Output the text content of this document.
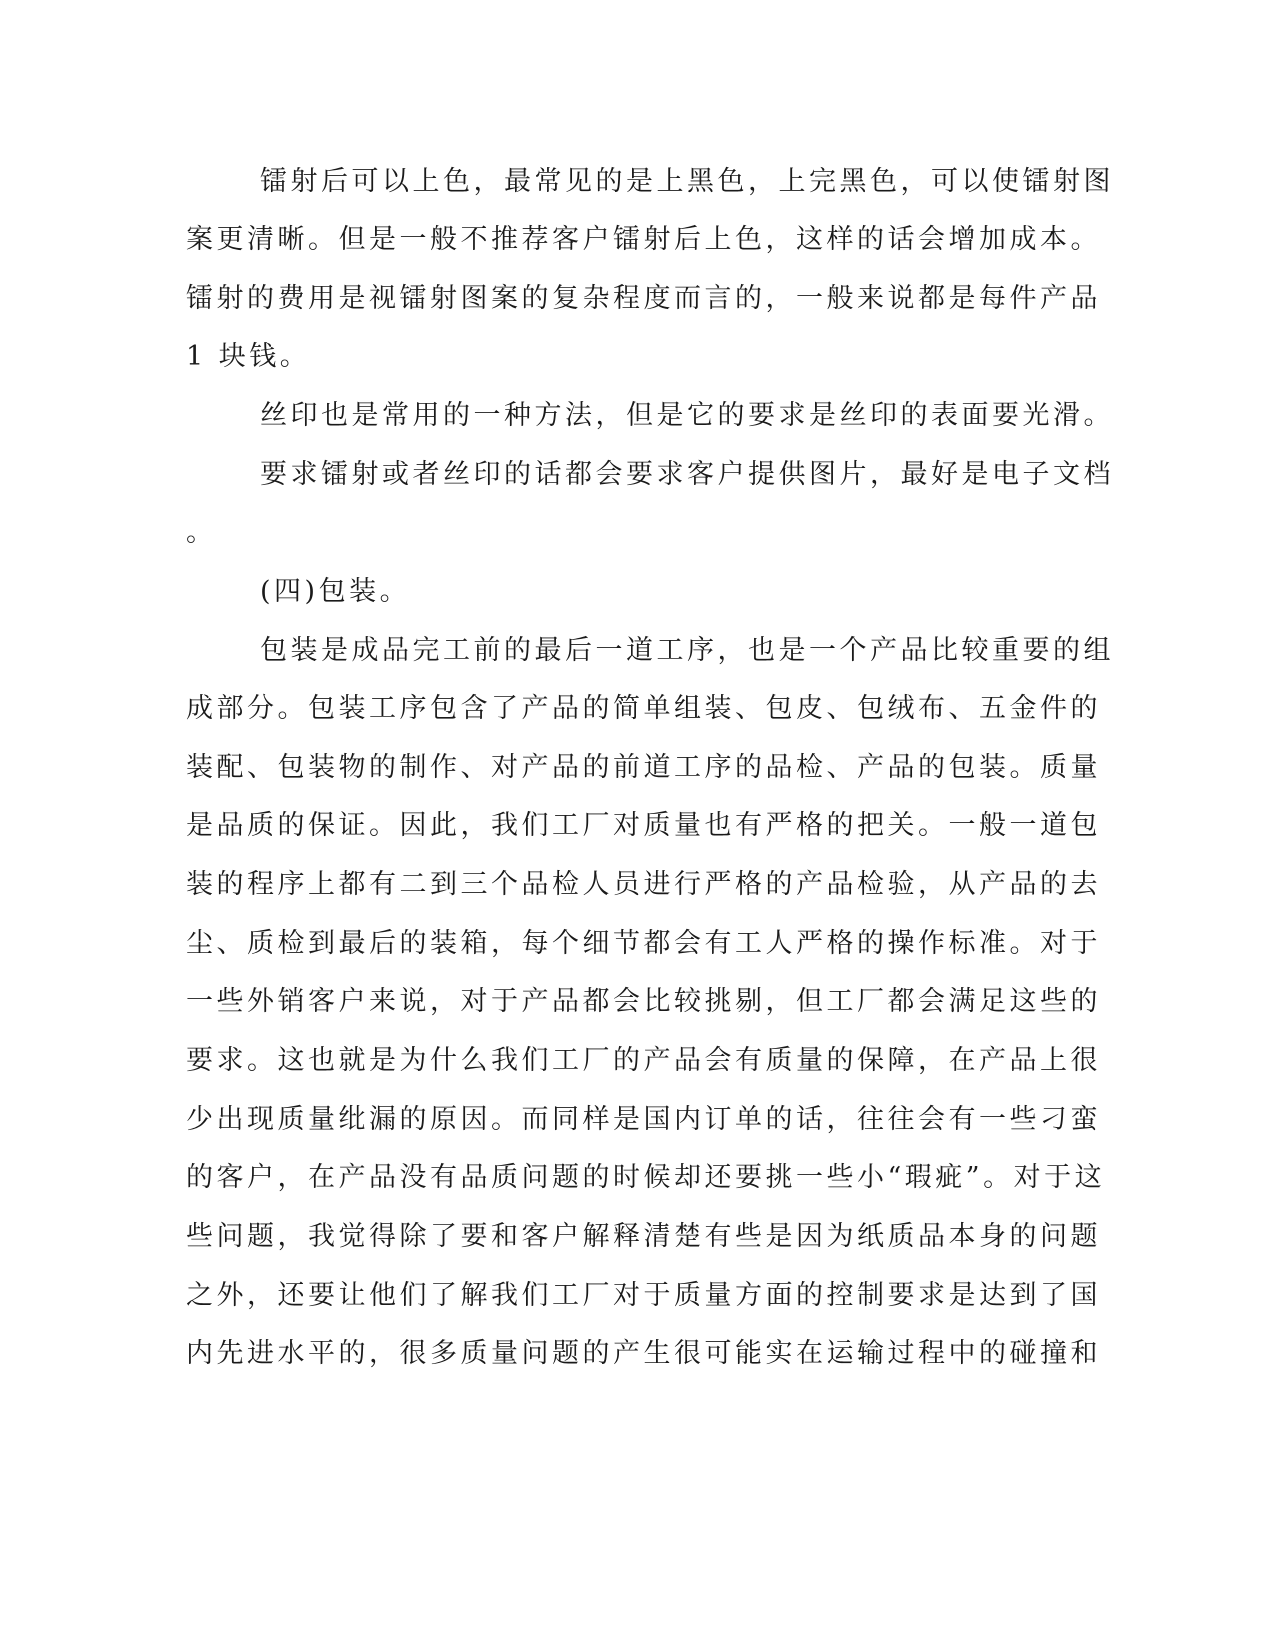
镭射后可以上色，最常见的是上黑色，上完黑色，可以使镭射图
案更清晰。但是一般不推荐客户镭射后上色，这样的话会增加成本。
镭射的费用是视镭射图案的复杂程度而言的，一般来说都是每件产品
1 块钱。
丝印也是常用的一种方法，但是它的要求是丝印的表面要光滑。
要求镭射或者丝印的话都会要求客户提供图片，最好是电子文档
。
(四)包装。
包装是成品完工前的最后一道工序，也是一个产品比较重要的组
成部分。包装工序包含了产品的简单组装、包皮、包绒布、五金件的
装配、包装物的制作、对产品的前道工序的品检、产品的包装。质量
是品质的保证。因此，我们工厂对质量也有严格的把关。一般一道包
装的程序上都有二到三个品检人员进行严格的产品检验，从产品的去
尘、质检到最后的装箱，每个细节都会有工人严格的操作标准。对于
一些外销客户来说，对于产品都会比较挑剔，但工厂都会满足这些的
要求。这也就是为什么我们工厂的产品会有质量的保障，在产品上很
少出现质量纰漏的原因。而同样是国内订单的话，往往会有一些刁蛮
的客户，在产品没有品质问题的时候却还要挑一些小“瑕疵”。对于这
些问题，我觉得除了要和客户解释清楚有些是因为纸质品本身的问题
之外，还要让他们了解我们工厂对于质量方面的控制要求是达到了国
内先进水平的，很多质量问题的产生很可能实在运输过程中的碰撞和
